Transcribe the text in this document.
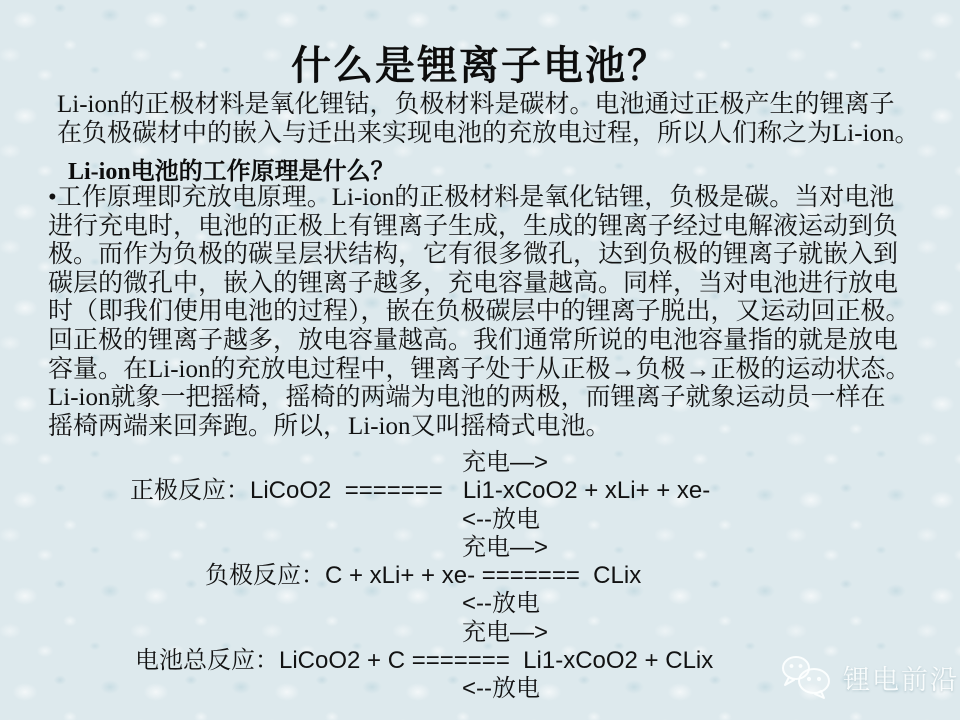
什么是锂离子电池？
Li-ion的正极材料是氧化锂钴，负极材料是碳材。电池通过正极产生的锂离子
在负极碳材中的嵌入与迁出来实现电池的充放电过程，所以人们称之为Li-ion。
Li-ion电池的工作原理是什么？
•工作原理即充放电原理。Li-ion的正极材料是氧化钴锂，负极是碳。当对电池
进行充电时，电池的正极上有锂离子生成，生成的锂离子经过电解液运动到负
极。而作为负极的碳呈层状结构，它有很多微孔，达到负极的锂离子就嵌入到
碳层的微孔中，嵌入的锂离子越多，充电容量越高。同样，当对电池进行放电
时（即我们使用电池的过程），嵌在负极碳层中的锂离子脱出，又运动回正极。
回正极的锂离子越多，放电容量越高。我们通常所说的电池容量指的就是放电
容量。在Li-ion的充放电过程中，锂离子处于从正极→负极→正极的运动状态。
Li-ion就象一把摇椅，摇椅的两端为电池的两极，而锂离子就象运动员一样在
摇椅两端来回奔跑。所以，Li-ion又叫摇椅式电池。
充电—>
正极反应：LiCoO2  =======   Li1-xCoO2 + xLi+ + xe-
<--放电
充电—>
负极反应：C + xLi+ + xe- =======  CLix
<--放电
充电—>
电池总反应：LiCoO2 + C =======  Li1-xCoO2 + CLix
<--放电	锂电前沿
